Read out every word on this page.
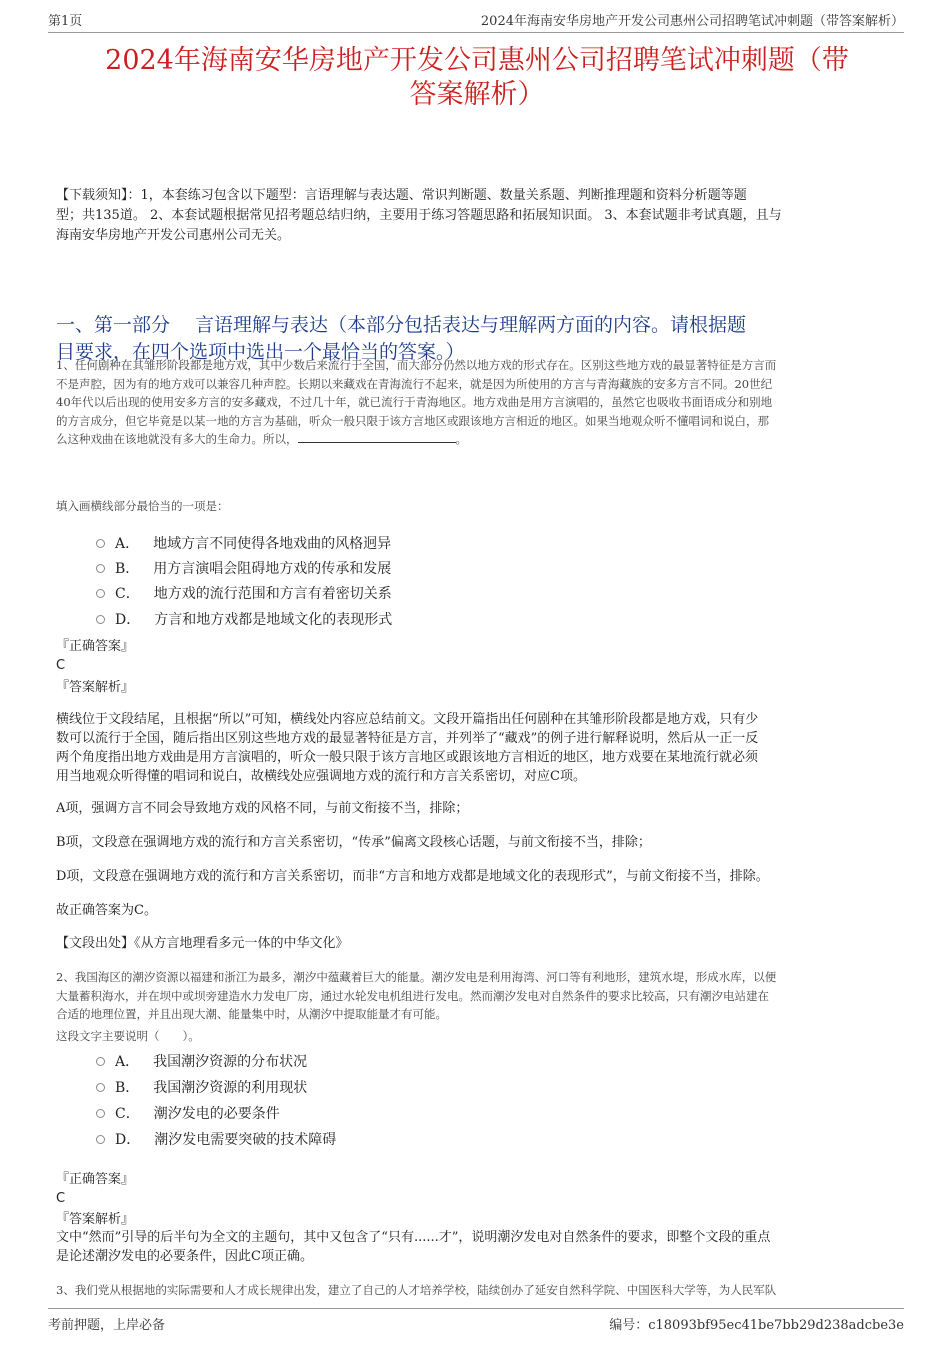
第1页	2024年海南安华房地产开发公司惠州公司招聘笔试冲刺题（带答案解析）
2024年海南安华房地产开发公司惠州公司招聘笔试冲刺题（带
答案解析）
【下载须知】：1，本套练习包含以下题型：言语理解与表达题、常识判断题、数量关系题、判断推理题和资料分析题等题
型；共135道。 2、本套试题根据常见招考题总结归纳，主要用于练习答题思路和拓展知识面。 3、本套试题非考试真题，且与
海南安华房地产开发公司惠州公司无关。
一、第一部分　 言语理解与表达（本部分包括表达与理解两方面的内容。请根据题
目要求，在四个选项中选出一个最恰当的答案。）
1、任何剧种在其雏形阶段都是地方戏，其中少数后来流行于全国，而大部分仍然以地方戏的形式存在。区别这些地方戏的最显著特征是方言而
不是声腔，因为有的地方戏可以兼容几种声腔。长期以来藏戏在青海流行不起来，就是因为所使用的方言与青海藏族的安多方言不同。20世纪
40年代以后出现的使用安多方言的安多藏戏，不过几十年，就已流行于青海地区。地方戏曲是用方言演唱的，虽然它也吸收书面语成分和别地
的方言成分，但它毕竟是以某一地的方言为基础，听众一般只限于该方言地区或跟该地方言相近的地区。如果当地观众听不懂唱词和说白，那
么这种戏曲在该地就没有多大的生命力。所以，	。
填入画横线部分最恰当的一项是：
A． 地域方言不同使得各地戏曲的风格迥异
B． 用方言演唱会阻碍地方戏的传承和发展
C． 地方戏的流行范围和方言有着密切关系
D． 方言和地方戏都是地域文化的表现形式
『正确答案』
C
『答案解析』
横线位于文段结尾，且根据“所以”可知，横线处内容应总结前文。文段开篇指出任何剧种在其雏形阶段都是地方戏，只有少
数可以流行于全国，随后指出区别这些地方戏的最显著特征是方言，并列举了“藏戏”的例子进行解释说明，然后从一正一反
两个角度指出地方戏曲是用方言演唱的，听众一般只限于该方言地区或跟该地方言相近的地区，地方戏要在某地流行就必须
用当地观众听得懂的唱词和说白，故横线处应强调地方戏的流行和方言关系密切，对应C项。
A项，强调方言不同会导致地方戏的风格不同，与前文衔接不当，排除；
B项，文段意在强调地方戏的流行和方言关系密切，“传承”偏离文段核心话题，与前文衔接不当，排除；
D项，文段意在强调地方戏的流行和方言关系密切，而非“方言和地方戏都是地域文化的表现形式”，与前文衔接不当，排除。
故正确答案为C。
【文段出处】《从方言地理看多元一体的中华文化》
2、我国海区的潮汐资源以福建和浙江为最多，潮汐中蕴藏着巨大的能量。潮汐发电是利用海湾、河口等有利地形，建筑水堤，形成水库，以便
大量蓄积海水，并在坝中或坝旁建造水力发电厂房，通过水轮发电机组进行发电。然而潮汐发电对自然条件的要求比较高，只有潮汐电站建在
合适的地理位置，并且出现大潮、能量集中时，从潮汐中提取能量才有可能。
这段文字主要说明（　　）。
A． 我国潮汐资源的分布状况
B． 我国潮汐资源的利用现状
C． 潮汐发电的必要条件
D． 潮汐发电需要突破的技术障碍
『正确答案』
C
『答案解析』
文中“然而”引导的后半句为全文的主题句，其中又包含了“只有......才”，说明潮汐发电对自然条件的要求，即整个文段的重点
是论述潮汐发电的必要条件，因此C项正确。
3、我们党从根据地的实际需要和人才成长规律出发，建立了自己的人才培养学校，陆续创办了延安自然科学院、中国医科大学等，为人民军队
考前押题，上岸必备	编号：c18093bf95ec41be7bb29d238adcbe3e
